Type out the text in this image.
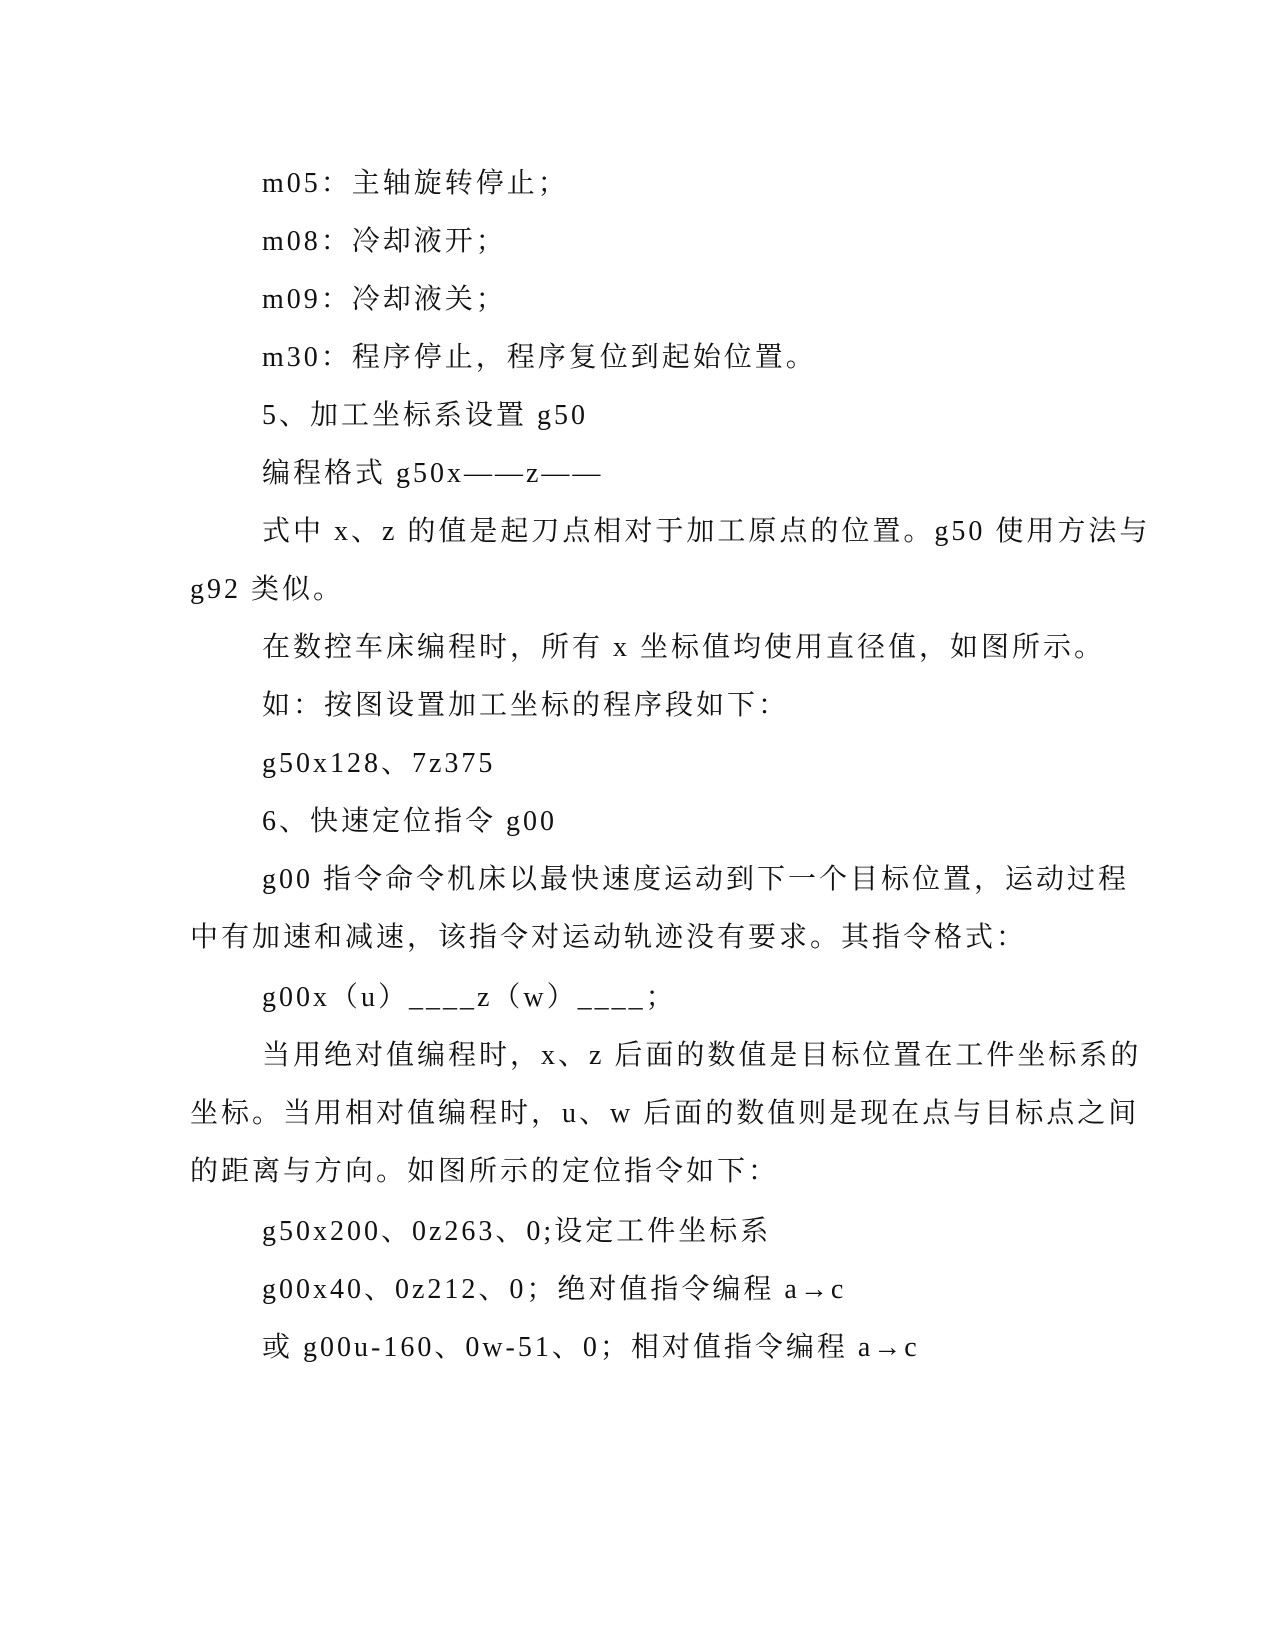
m05：主轴旋转停止；
m08：冷却液开；
m09：冷却液关；
m30：程序停止，程序复位到起始位置。
5、加工坐标系设置 g50
编程格式 g50x——z——
式中 x、z 的值是起刀点相对于加工原点的位置。g50 使用方法与
g92 类似。
在数控车床编程时，所有 x 坐标值均使用直径值，如图所示。
如：按图设置加工坐标的程序段如下：
g50x128、7z375
6、快速定位指令 g00
g00 指令命令机床以最快速度运动到下一个目标位置，运动过程
中有加速和减速，该指令对运动轨迹没有要求。其指令格式：
g00x（u）____z（w）____；
当用绝对值编程时，x、z 后面的数值是目标位置在工件坐标系的
坐标。当用相对值编程时，u、w 后面的数值则是现在点与目标点之间
的距离与方向。如图所示的定位指令如下：
g50x200、0z263、0;设定工件坐标系
g00x40、0z212、0；绝对值指令编程 a→c
或 g00u-160、0w-51、0；相对值指令编程 a→c
